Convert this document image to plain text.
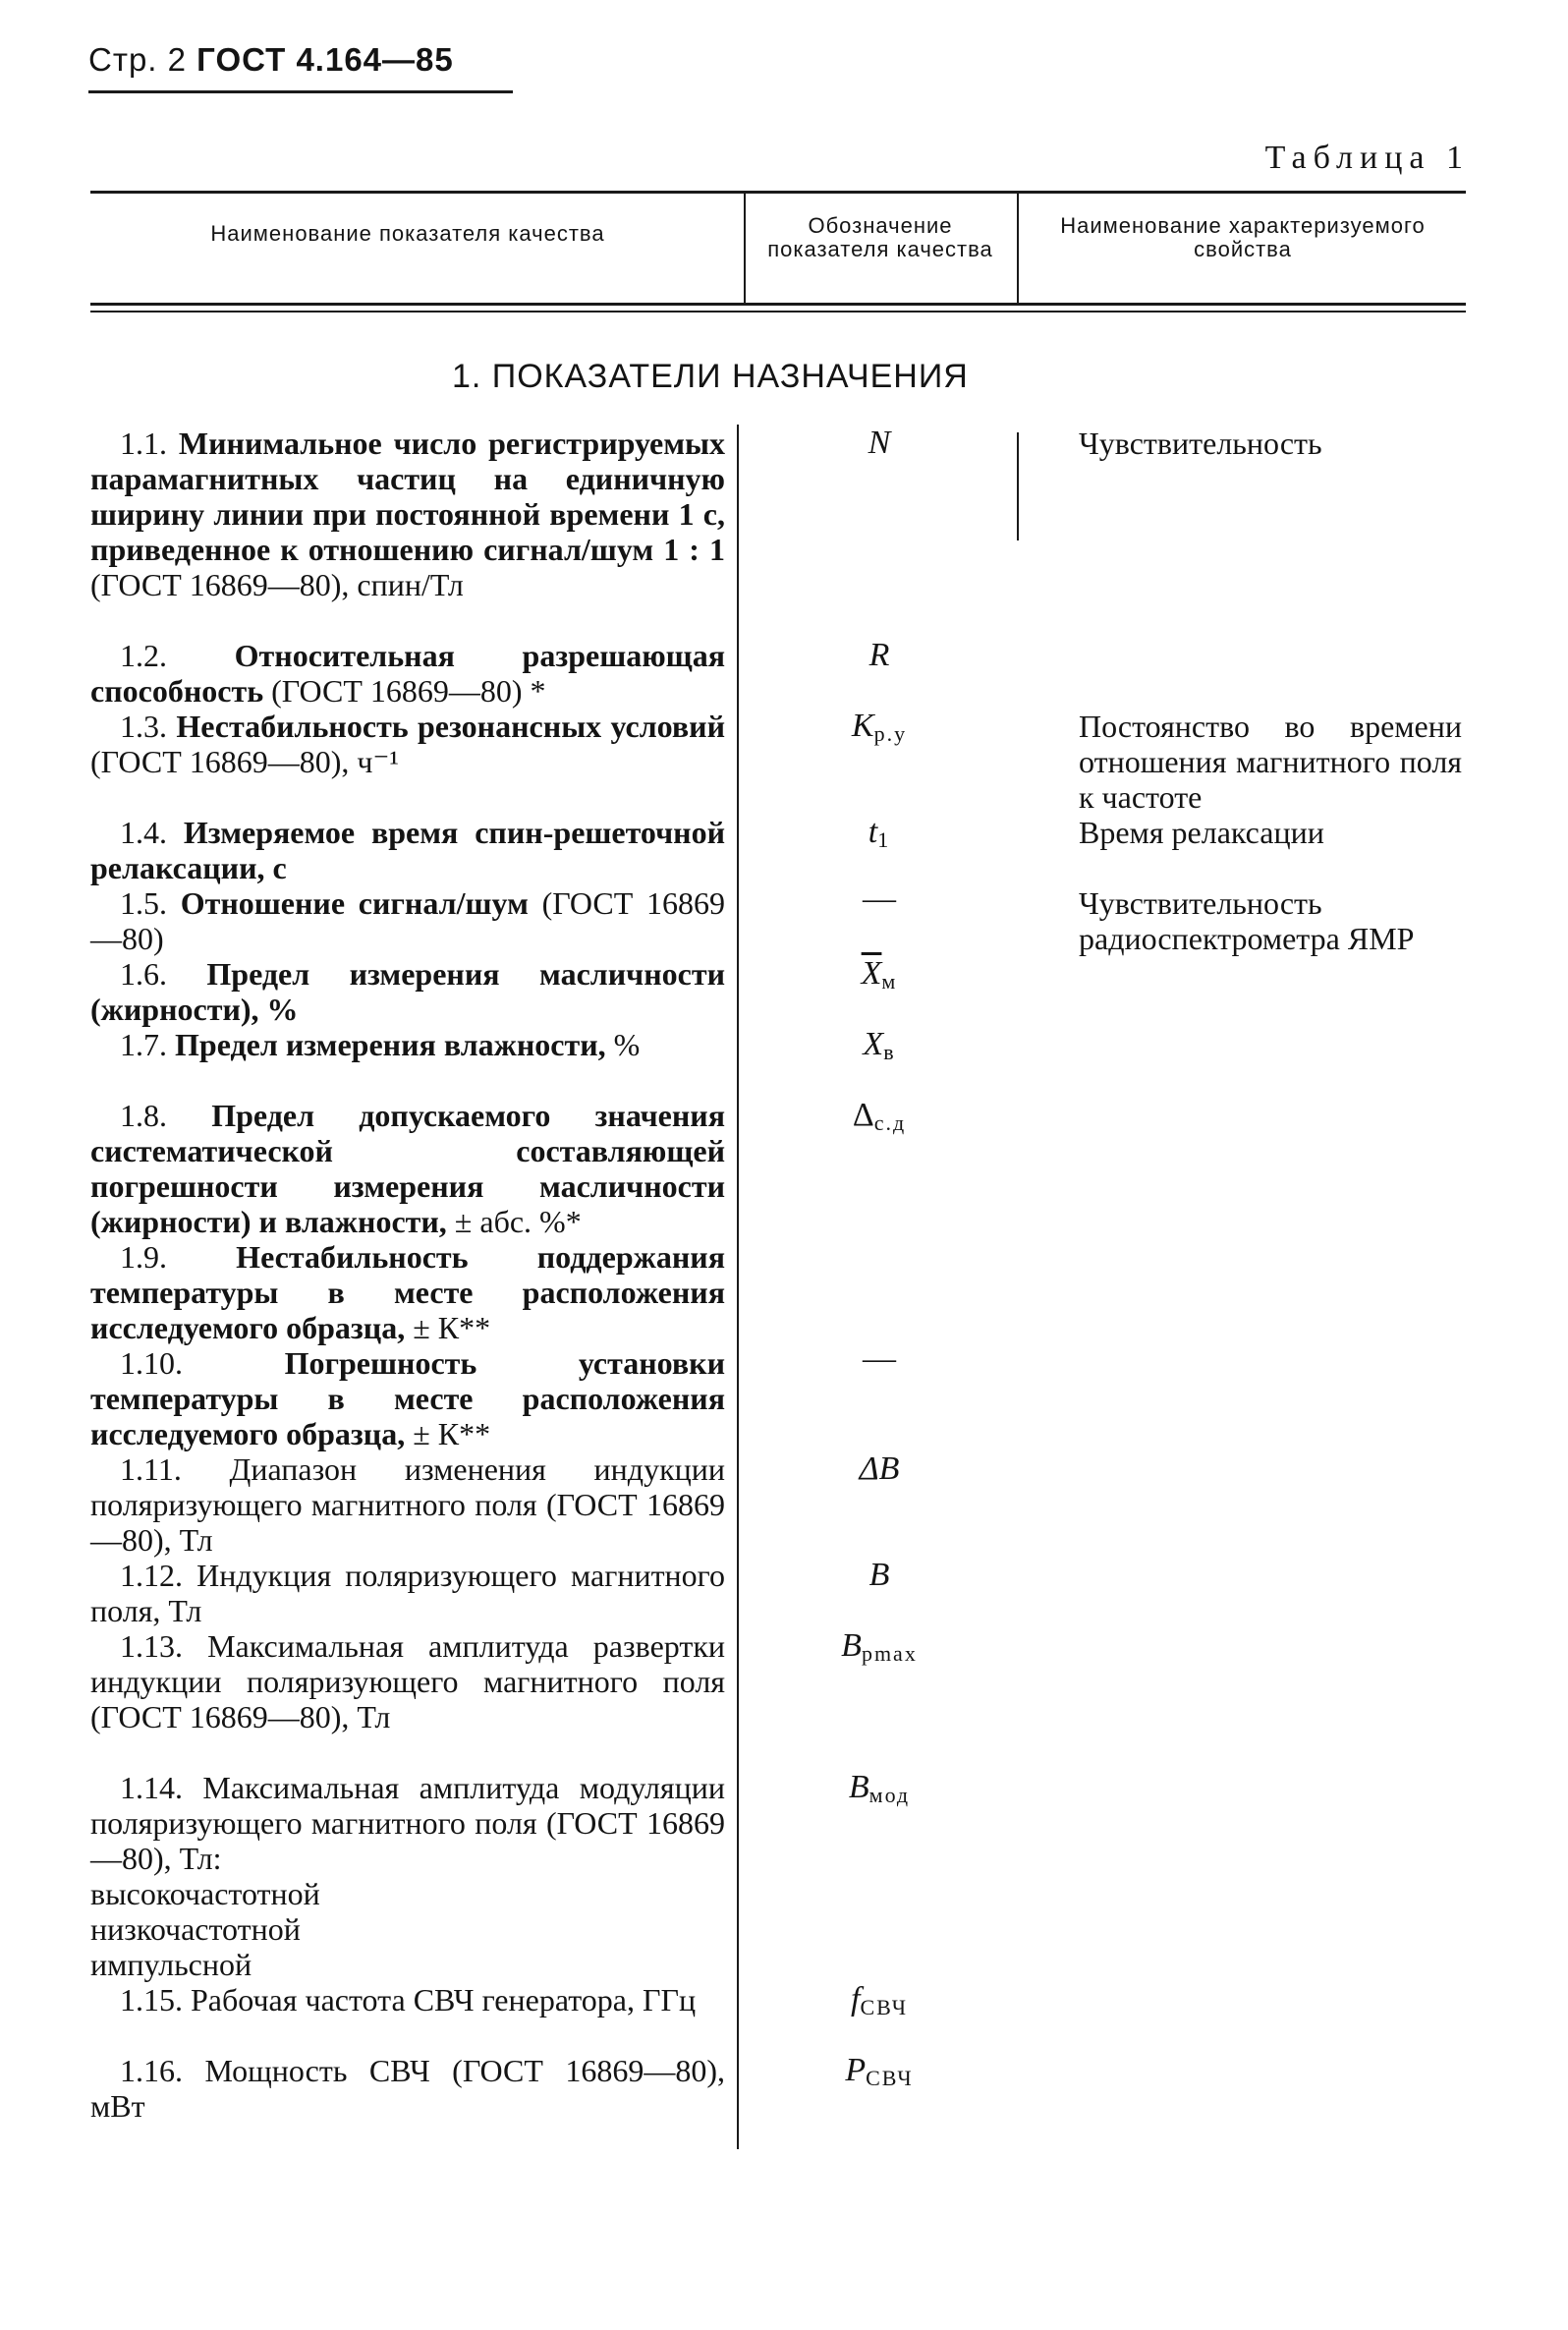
Стр. 2 ГОСТ 4.164—85
Таблица 1
Наименование показателя качества	Обозначение показателя качества
Наименование характеризуемого свойства
1. ПОКАЗАТЕЛИ НАЗНАЧЕНИЯ
1.1. Минимальное число регистрируемых парамагнитных частиц на единичную ширину линии при постоянной времени 1 с, приведенное к отношению сигнал/шум 1 : 1 (ГОСТ 16869—80), спин/Тл
1.2. Относительная разрешающая способность (ГОСТ 16869—80) *
1.3. Нестабильность резонансных условий (ГОСТ 16869—80), ч⁻¹
1.4. Измеряемое время спин-решеточной релаксации, с
1.5. Отношение сигнал/шум (ГОСТ 16869—80)
1.6. Предел измерения масличности (жирности), %
1.7. Предел измерения влажности, %
1.8. Предел допускаемого значения систематической составляющей погрешности измерения масличности (жирности) и влажности, ± абс. %*
1.9. Нестабильность поддержания температуры в месте расположения исследуемого образца, ± К**
1.10.	Погрешность установки температуры в месте расположения исследуемого образца, ± К**
1.11. Диапазон изменения индукции поляризующего магнитного поля (ГОСТ 16869—80), Тл
1.12. Индукция поляризующего магнитного поля, Тл
1.13. Максимальная амплитуда развертки индукции поляризующего магнитного поля (ГОСТ 16869—80), Тл
1.14. Максимальная амплитуда модуляции поляризующего магнитного поля (ГОСТ 16869—80), Тл:
высокочастотной
низкочастотной
импульсной
1.15. Рабочая частота СВЧ генератора, ГГц
1.16. Мощность СВЧ (ГОСТ 16869—80), мВт
N
R
$K_{р.у}$
$t_1$
—
$\overline{X}_м$
$X_в$
$\Delta_{с.д}$
—
ΔB
B
$B_{pmax}$
$B_{мод}$
$f_{СВЧ}$
$P_{СВЧ}$
Чувствительность
Постоянство во времени отношения магнитного поля к частоте
Время релаксации
Чувствительность радиоспектрометра ЯМР
